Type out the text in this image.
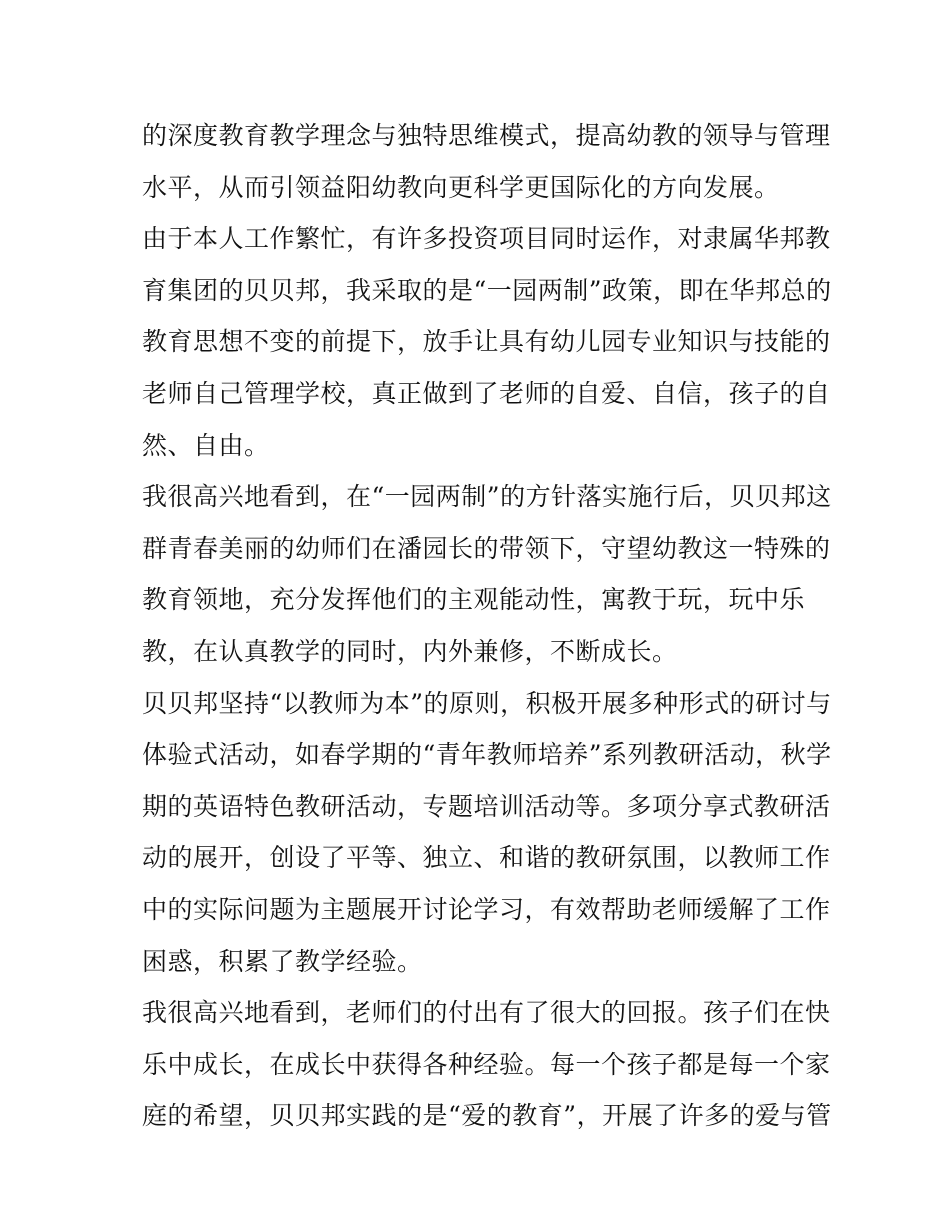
的深度教育教学理念与独特思维模式，提高幼教的领导与管理
水平，从而引领益阳幼教向更科学更国际化的方向发展。
由于本人工作繁忙，有许多投资项目同时运作，对隶属华邦教
育集团的贝贝邦，我采取的是“一园两制”政策，即在华邦总的
教育思想不变的前提下，放手让具有幼儿园专业知识与技能的
老师自己管理学校，真正做到了老师的自爱、自信，孩子的自
然、自由。
我很高兴地看到，在“一园两制”的方针落实施行后，贝贝邦这
群青春美丽的幼师们在潘园长的带领下，守望幼教这一特殊的
教育领地，充分发挥他们的主观能动性，寓教于玩，玩中乐
教，在认真教学的同时，内外兼修，不断成长。
贝贝邦坚持“以教师为本”的原则，积极开展多种形式的研讨与
体验式活动，如春学期的“青年教师培养”系列教研活动，秋学
期的英语特色教研活动，专题培训活动等。多项分享式教研活
动的展开，创设了平等、独立、和谐的教研氛围，以教师工作
中的实际问题为主题展开讨论学习，有效帮助老师缓解了工作
困惑，积累了教学经验。
我很高兴地看到，老师们的付出有了很大的回报。孩子们在快
乐中成长，在成长中获得各种经验。每一个孩子都是每一个家
庭的希望，贝贝邦实践的是“爱的教育”，开展了许多的爱与管
